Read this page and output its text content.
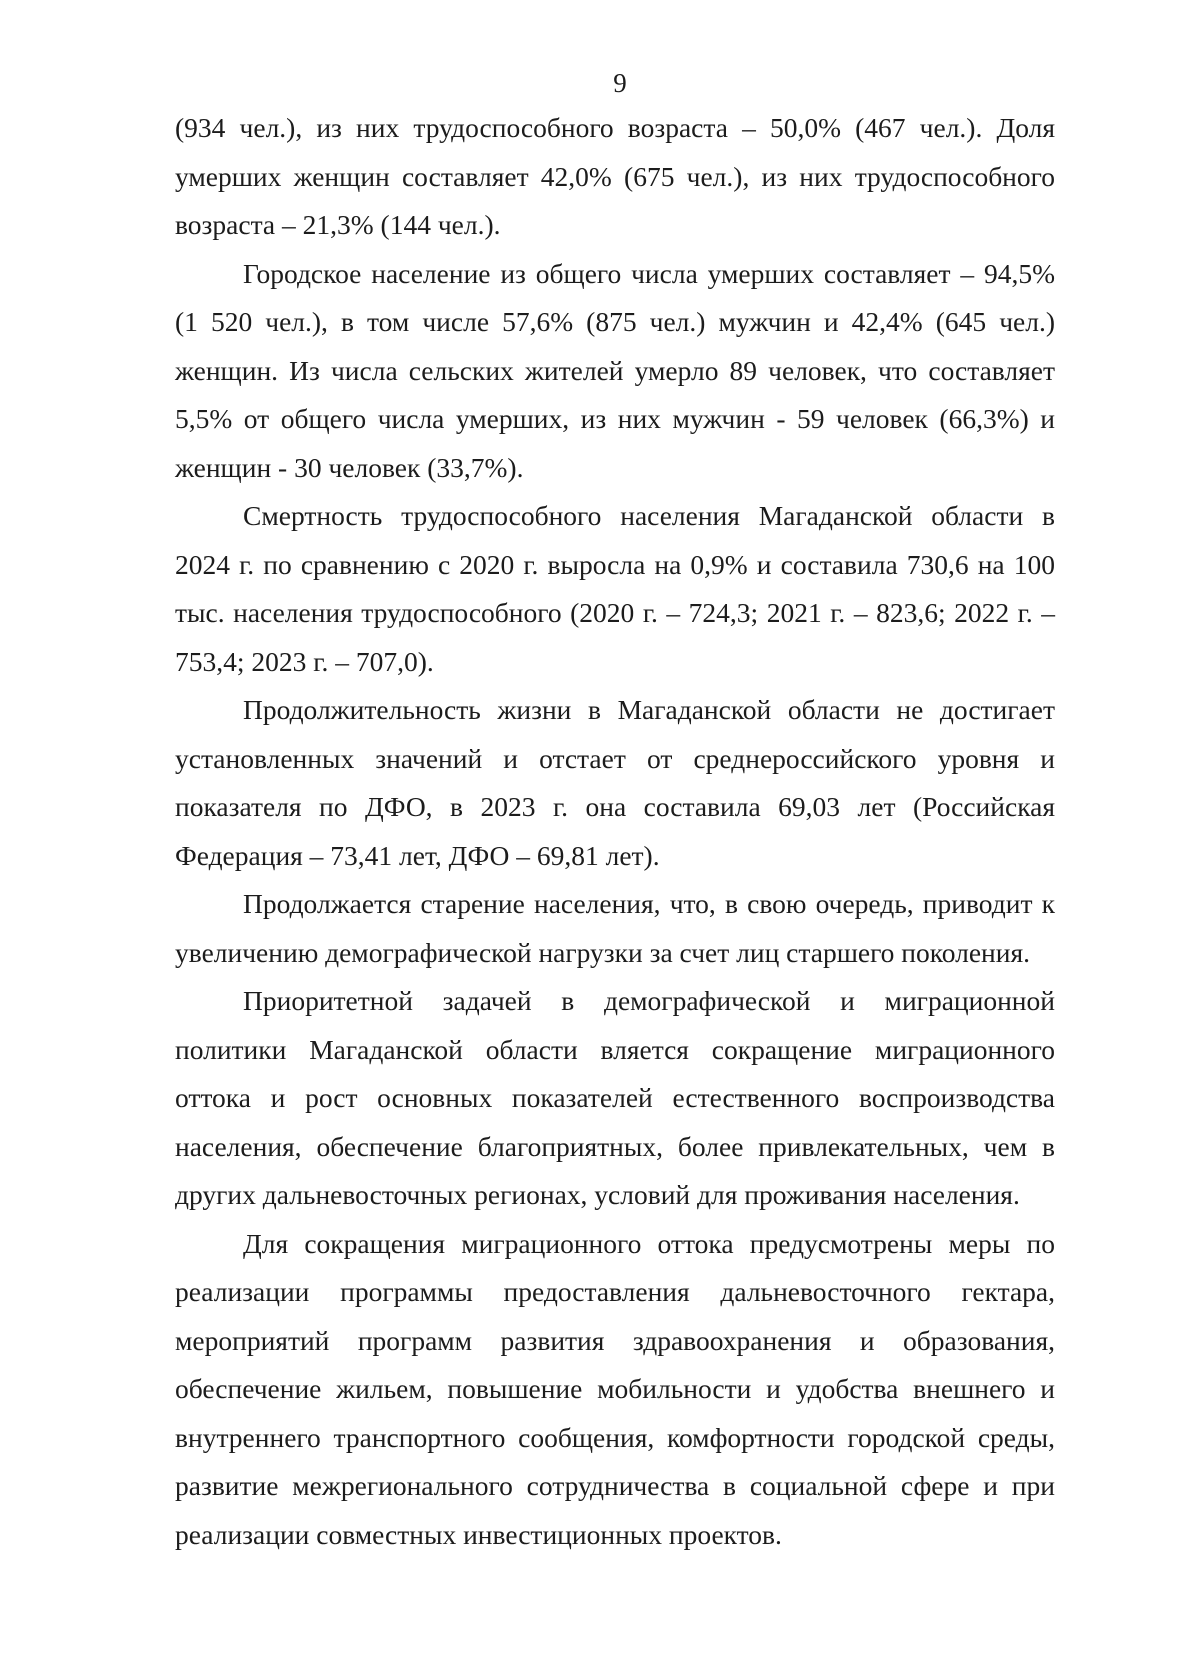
9

(934 чел.), из них трудоспособного возраста – 50,0% (467 чел.). Доля умерших женщин составляет 42,0% (675 чел.), из них трудоспособного возраста – 21,3% (144 чел.).

Городское население из общего числа умерших составляет – 94,5% (1 520 чел.), в том числе 57,6% (875 чел.) мужчин и 42,4% (645 чел.) женщин. Из числа сельских жителей умерло 89 человек, что составляет 5,5% от общего числа умерших, из них мужчин - 59 человек (66,3%) и женщин - 30 человек (33,7%).

Смертность трудоспособного населения Магаданской области в 2024 г. по сравнению с 2020 г. выросла на 0,9% и составила 730,6 на 100 тыс. населения трудоспособного (2020 г. – 724,3; 2021 г. – 823,6; 2022 г. – 753,4; 2023 г. – 707,0).

Продолжительность жизни в Магаданской области не достигает установленных значений и отстает от среднероссийского уровня и показателя по ДФО, в 2023 г. она составила 69,03 лет (Российская Федерация – 73,41 лет, ДФО – 69,81 лет).

Продолжается старение населения, что, в свою очередь, приводит к увеличению демографической нагрузки за счет лиц старшего поколения.

Приоритетной задачей в демографической и миграционной политики Магаданской области вляется сокращение миграционного оттока и рост основных показателей естественного воспроизводства населения, обеспечение благоприятных, более привлекательных, чем в других дальневосточных регионах, условий для проживания населения.

Для сокращения миграционного оттока предусмотрены меры по реализации программы предоставления дальневосточного гектара, мероприятий программ развития здравоохранения и образования, обеспечение жильем, повышение мобильности и удобства внешнего и внутреннего транспортного сообщения, комфортности городской среды, развитие межрегионального сотрудничества в социальной сфере и при реализации совместных инвестиционных проектов.
